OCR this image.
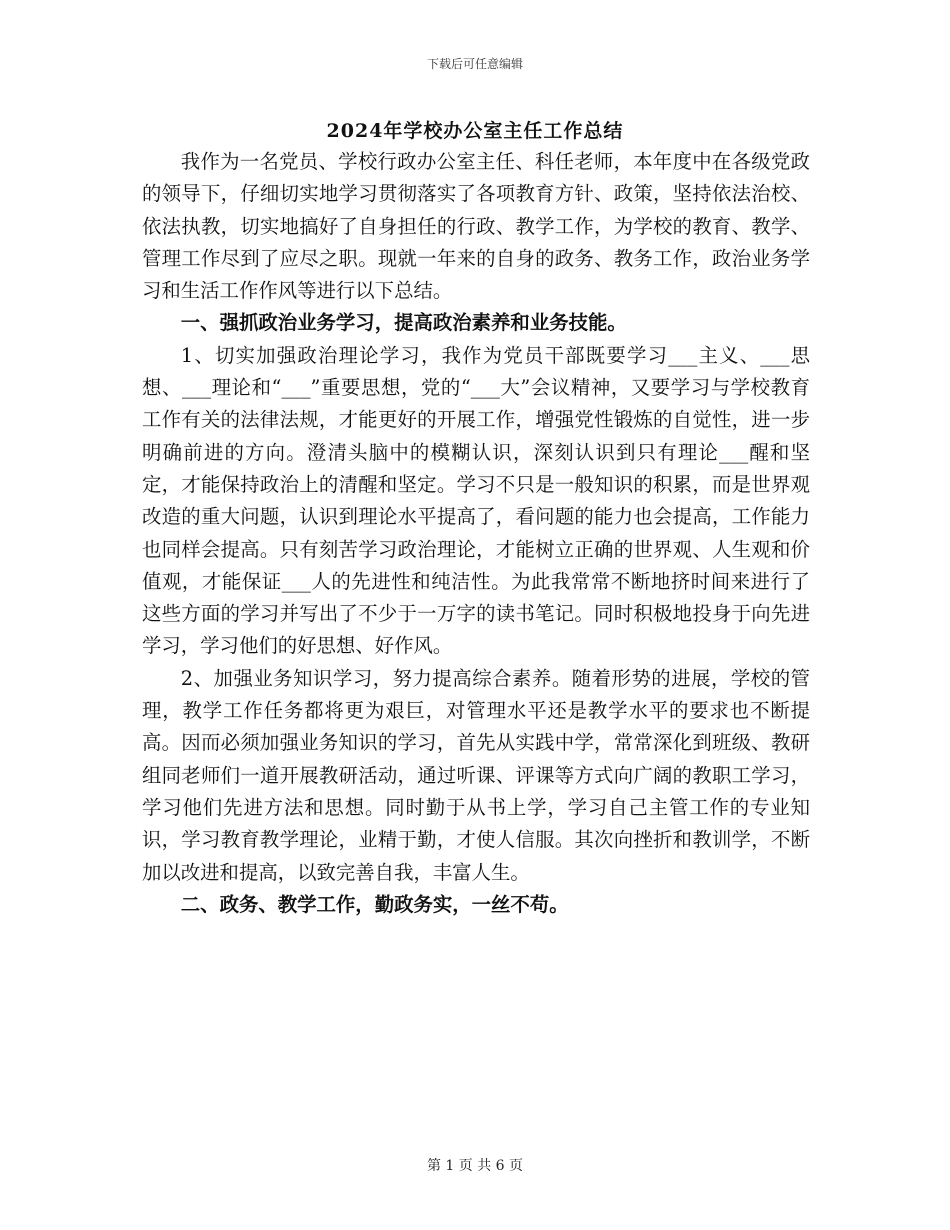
下载后可任意编辑
2024年学校办公室主任工作总结

我作为一名党员、学校行政办公室主任、科任老师，本年度中在各级党政的领导下，仔细切实地学习贯彻落实了各项教育方针、政策，坚持依法治校、依法执教，切实地搞好了自身担任的行政、教学工作，为学校的教育、教学、管理工作尽到了应尽之职。现就一年来的自身的政务、教务工作，政治业务学习和生活工作作风等进行以下总结。

一、强抓政治业务学习，提高政治素养和业务技能。

1、切实加强政治理论学习，我作为党员干部既要学习___主义、___思想、___理论和“___”重要思想，党的“___大”会议精神，又要学习与学校教育工作有关的法律法规，才能更好的开展工作，增强党性锻炼的自觉性，进一步明确前进的方向。澄清头脑中的模糊认识，深刻认识到只有理论___醒和坚定，才能保持政治上的清醒和坚定。学习不只是一般知识的积累，而是世界观改造的重大问题，认识到理论水平提高了，看问题的能力也会提高，工作能力也同样会提高。只有刻苦学习政治理论，才能树立正确的世界观、人生观和价值观，才能保证___人的先进性和纯洁性。为此我常常不断地挤时间来进行了这些方面的学习并写出了不少于一万字的读书笔记。同时积极地投身于向先进学习，学习他们的好思想、好作风。

2、加强业务知识学习，努力提高综合素养。随着形势的进展，学校的管理，教学工作任务都将更为艰巨，对管理水平还是教学水平的要求也不断提高。因而必须加强业务知识的学习，首先从实践中学，常常深化到班级、教研组同老师们一道开展教研活动，通过听课、评课等方式向广阔的教职工学习，学习他们先进方法和思想。同时勤于从书上学，学习自己主管工作的专业知识，学习教育教学理论，业精于勤，才使人信服。其次向挫折和教训学，不断加以改进和提高，以致完善自我，丰富人生。

二、政务、教学工作，勤政务实，一丝不苟。

第 1 页 共 6 页
